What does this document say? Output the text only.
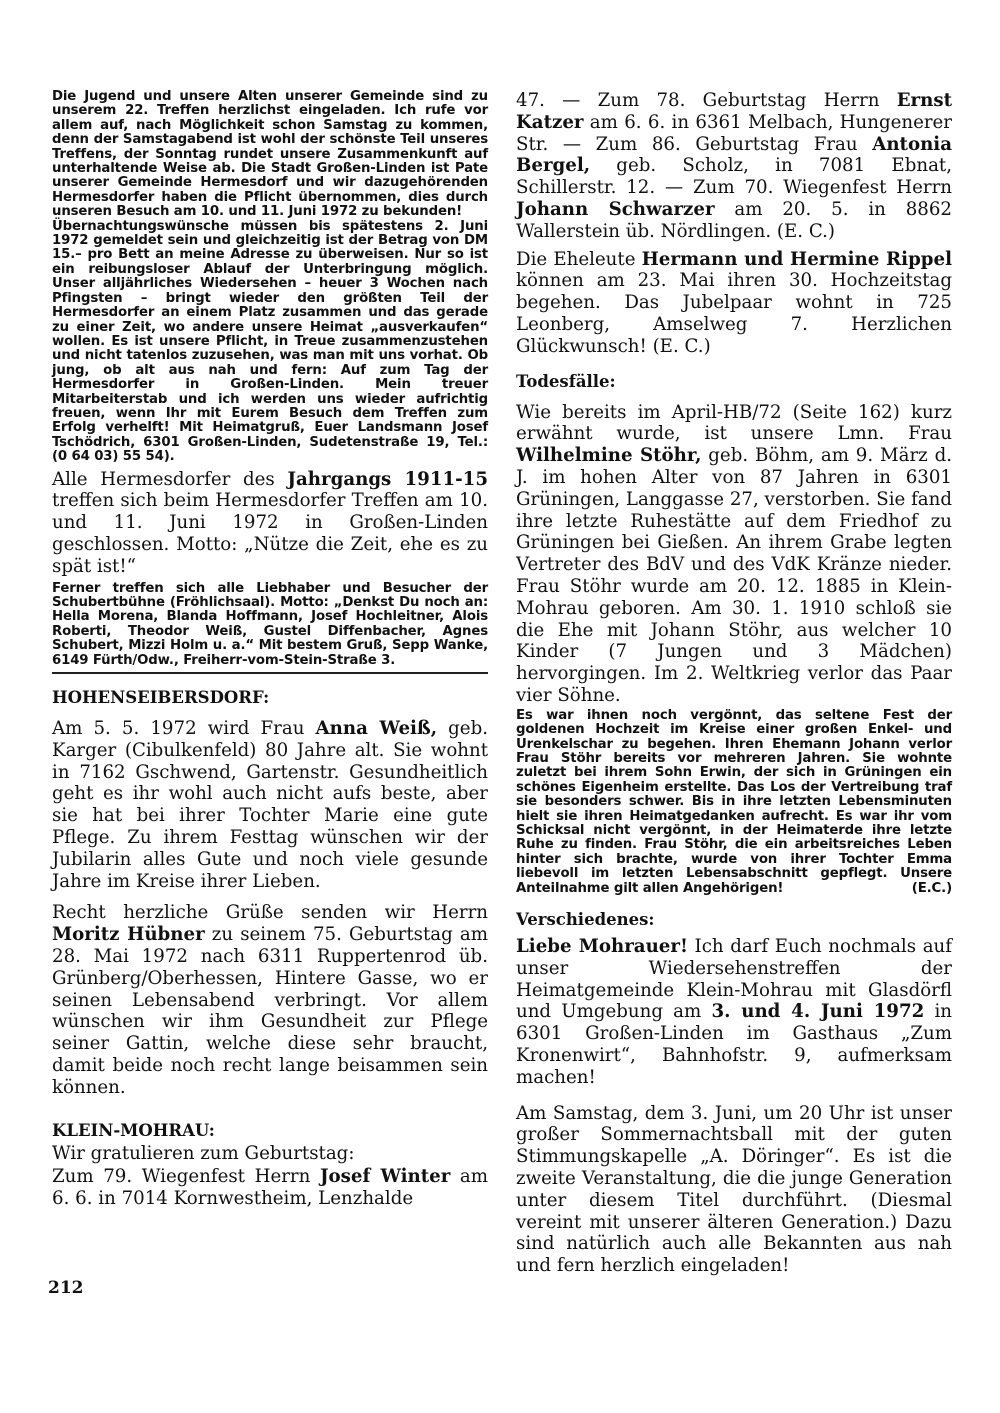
Die Jugend und unsere Alten unserer Gemeinde sind zu unserem 22. Treffen herzlichst eingeladen. Ich rufe vor allem auf, nach Möglichkeit schon Samstag zu kommen, denn der Samstagabend ist wohl der schönste Teil unseres Treffens, der Sonntag rundet unsere Zusammenkunft auf unterhaltende Weise ab. Die Stadt Großen-Linden ist Pate unserer Gemeinde Hermesdorf und wir dazugehörenden Hermesdorfer haben die Pflicht übernommen, dies durch unseren Besuch am 10. und 11. Juni 1972 zu bekunden!

Übernachtungswünsche müssen bis spätestens 2. Juni 1972 gemeldet sein und gleichzeitig ist der Betrag von DM 15.– pro Bett an meine Adresse zu überweisen. Nur so ist ein reibungsloser Ablauf der Unterbringung möglich. Unser alljährliches Wiedersehen – heuer 3 Wochen nach Pfingsten – bringt wieder den größten Teil der Hermesdorfer an einem Platz zusammen und das gerade zu einer Zeit, wo andere unsere Heimat „ausverkaufen“ wollen. Es ist unsere Pflicht, in Treue zusammenzustehen und nicht tatenlos zuzusehen, was man mit uns vorhat. Ob jung, ob alt aus nah und fern: Auf zum Tag der Hermesdorfer in Großen-Linden. Mein treuer Mitarbeiterstab und ich werden uns wieder aufrichtig freuen, wenn Ihr mit Eurem Besuch dem Treffen zum Erfolg verhelft! Mit Heimatgruß, Euer Landsmann Josef Tschödrich, 6301 Großen-Linden, Sudetenstraße 19, Tel.: (0 64 03) 55 54).

Alle Hermesdorfer des Jahrgangs 1911-15 treffen sich beim Hermesdorfer Treffen am 10. und 11. Juni 1972 in Großen-Linden geschlossen. Motto: „Nütze die Zeit, ehe es zu spät ist!“

Ferner treffen sich alle Liebhaber und Besucher der Schubertbühne (Fröhlichsaal). Motto: „Denkst Du noch an: Hella Morena, Blanda Hoffmann, Josef Hochleitner, Alois Roberti, Theodor Weiß, Gustel Diffenbacher, Agnes Schubert, Mizzi Holm u. a.“ Mit bestem Gruß, Sepp Wanke, 6149 Fürth/Odw., Freiherr-vom-Stein-Straße 3.

HOHENSEIBERSDORF:

Am 5. 5. 1972 wird Frau Anna Weiß, geb. Karger (Cibulkenfeld) 80 Jahre alt. Sie wohnt in 7162 Gschwend, Gartenstr. Gesundheitlich geht es ihr wohl auch nicht aufs beste, aber sie hat bei ihrer Tochter Marie eine gute Pflege. Zu ihrem Festtag wünschen wir der Jubilarin alles Gute und noch viele gesunde Jahre im Kreise ihrer Lieben.

Recht herzliche Grüße senden wir Herrn Moritz Hübner zu seinem 75. Geburtstag am 28. Mai 1972 nach 6311 Ruppertenrod üb. Grünberg/Oberhessen, Hintere Gasse, wo er seinen Lebensabend verbringt. Vor allem wünschen wir ihm Gesundheit zur Pflege seiner Gattin, welche diese sehr braucht, damit beide noch recht lange beisammen sein können.

KLEIN-MOHRAU:

Wir gratulieren zum Geburtstag:

Zum 79. Wiegenfest Herrn Josef Winter am 6. 6. in 7014 Kornwestheim, Lenzhalde

47. — Zum 78. Geburtstag Herrn Ernst Katzer am 6. 6. in 6361 Melbach, Hungenerer Str. — Zum 86. Geburtstag Frau Antonia Bergel, geb. Scholz, in 7081 Ebnat, Schillerstr. 12. — Zum 70. Wiegenfest Herrn Johann Schwarzer am 20. 5. in 8862 Wallerstein üb. Nördlingen. (E. C.)

Die Eheleute Hermann und Hermine Rippel können am 23. Mai ihren 30. Hochzeitstag begehen. Das Jubelpaar wohnt in 725 Leonberg, Amselweg 7. Herzlichen Glückwunsch! (E. C.)

Todesfälle:

Wie bereits im April-HB/72 (Seite 162) kurz erwähnt wurde, ist unsere Lmn. Frau Wilhelmine Stöhr, geb. Böhm, am 9. März d. J. im hohen Alter von 87 Jahren in 6301 Grüningen, Langgasse 27, verstorben. Sie fand ihre letzte Ruhestätte auf dem Friedhof zu Grüningen bei Gießen. An ihrem Grabe legten Vertreter des BdV und des VdK Kränze nieder. Frau Stöhr wurde am 20. 12. 1885 in Klein-Mohrau geboren. Am 30. 1. 1910 schloß sie die Ehe mit Johann Stöhr, aus welcher 10 Kinder (7 Jungen und 3 Mädchen) hervorgingen. Im 2. Weltkrieg verlor das Paar vier Söhne.

Es war ihnen noch vergönnt, das seltene Fest der goldenen Hochzeit im Kreise einer großen Enkel- und Urenkelschar zu begehen. Ihren Ehemann Johann verlor Frau Stöhr bereits vor mehreren Jahren. Sie wohnte zuletzt bei ihrem Sohn Erwin, der sich in Grüningen ein schönes Eigenheim erstellte. Das Los der Vertreibung traf sie besonders schwer. Bis in ihre letzten Lebensminuten hielt sie ihren Heimatgedanken aufrecht. Es war ihr vom Schicksal nicht vergönnt, in der Heimaterde ihre letzte Ruhe zu finden. Frau Stöhr, die ein arbeitsreiches Leben hinter sich brachte, wurde von ihrer Tochter Emma liebevoll im letzten Lebensabschnitt gepflegt. Unsere Anteilnahme gilt allen Angehörigen!	(E.C.)

Verschiedenes:

Liebe Mohrauer! Ich darf Euch nochmals auf unser Wiedersehenstreffen der Heimatgemeinde Klein-Mohrau mit Glasdörfl und Umgebung am 3. und 4. Juni 1972 in 6301 Großen-Linden im Gasthaus „Zum Kronenwirt“, Bahnhofstr. 9, aufmerksam machen!

Am Samstag, dem 3. Juni, um 20 Uhr ist unser großer Sommernachtsball mit der guten Stimmungskapelle „A. Döringer“. Es ist die zweite Veranstaltung, die die junge Generation unter diesem Titel durchführt. (Diesmal vereint mit unserer älteren Generation.) Dazu sind natürlich auch alle Bekannten aus nah und fern herzlich eingeladen!

212
